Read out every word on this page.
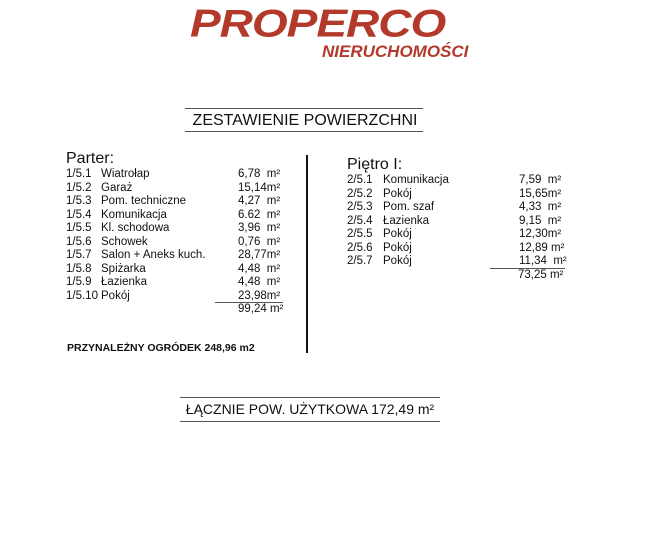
PROPERCO
NIERUCHOMOŚCI
ZESTAWIENIE POWIERZCHNI
Parter:
1/5.1 Wiatrołap	6,78  m²
1/5.2 Garaż	15,14m²
1/5.3 Pom. techniczne	4,27  m²
1/5.4 Komunikacja	6.62  m²
1/5.5 Kl. schodowa	3,96  m²
1/5.6 Schowek	0,76  m²
1/5.7 Salon + Aneks kuch.	28,77m²
1/5.8 Spiżarka	4,48  m²
1/5.9 Łazienka	4,48  m²
1/5.10 Pokój	23,98m²
99,24 m²
Piętro I:
2/5.1 Komunikacja	7,59  m²
2/5.2 Pokój	15,65m²
2/5.3 Pom. szaf	4,33  m²
2/5.4 Łazienka	9,15  m²
2/5.5 Pokój	12,30m²
2/5.6 Pokój	12,89 m²
2/5.7 Pokój	11,34  m²
73,25 m²
PRZYNALEŻNY OGRÓDEK 248,96 m2
ŁĄCZNIE POW. UŻYTKOWA 172,49 m²
